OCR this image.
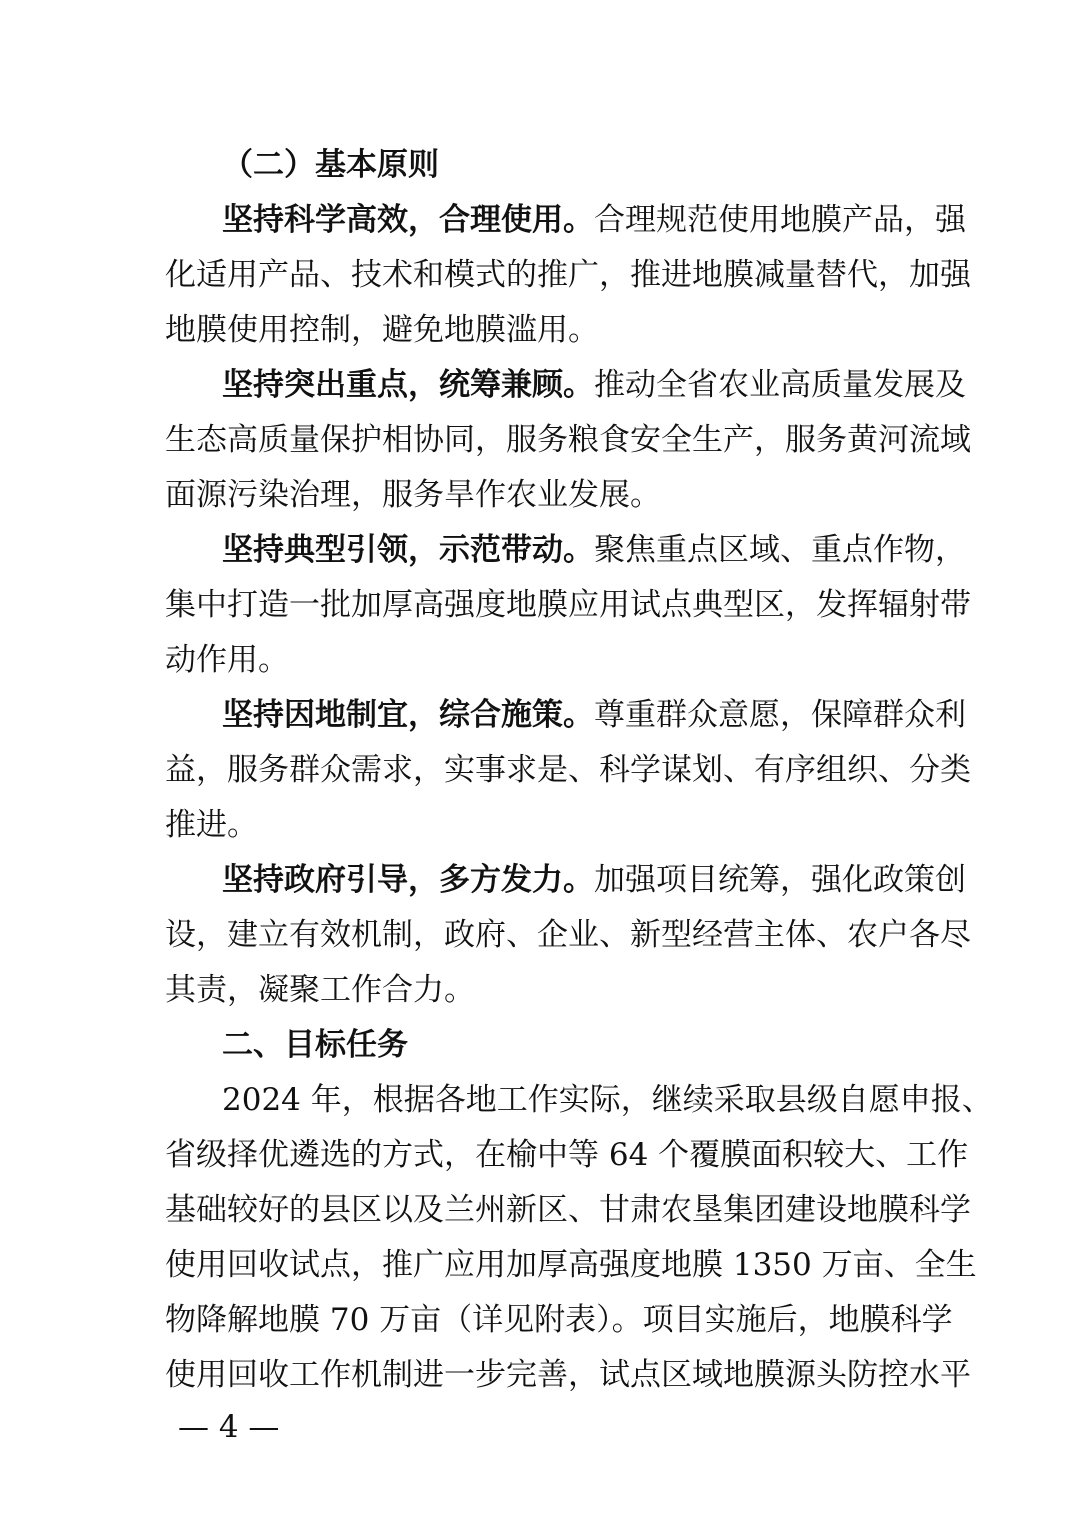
（二）基本原则
坚持科学高效，合理使用。合理规范使用地膜产品，强
化适用产品、技术和模式的推广，推进地膜减量替代，加强
地膜使用控制，避免地膜滥用。
坚持突出重点，统筹兼顾。推动全省农业高质量发展及
生态高质量保护相协同，服务粮食安全生产，服务黄河流域
面源污染治理，服务旱作农业发展。
坚持典型引领，示范带动。聚焦重点区域、重点作物，
集中打造一批加厚高强度地膜应用试点典型区，发挥辐射带
动作用。
坚持因地制宜，综合施策。尊重群众意愿，保障群众利
益，服务群众需求，实事求是、科学谋划、有序组织、分类
推进。
坚持政府引导，多方发力。加强项目统筹，强化政策创
设，建立有效机制，政府、企业、新型经营主体、农户各尽
其责，凝聚工作合力。
二、目标任务
2024 年，根据各地工作实际，继续采取县级自愿申报、
省级择优遴选的方式，在榆中等 64 个覆膜面积较大、工作
基础较好的县区以及兰州新区、甘肃农垦集团建设地膜科学
使用回收试点，推广应用加厚高强度地膜 1350 万亩、全生
物降解地膜 70 万亩（详见附表）。项目实施后，地膜科学
使用回收工作机制进一步完善，试点区域地膜源头防控水平
— 4 —
